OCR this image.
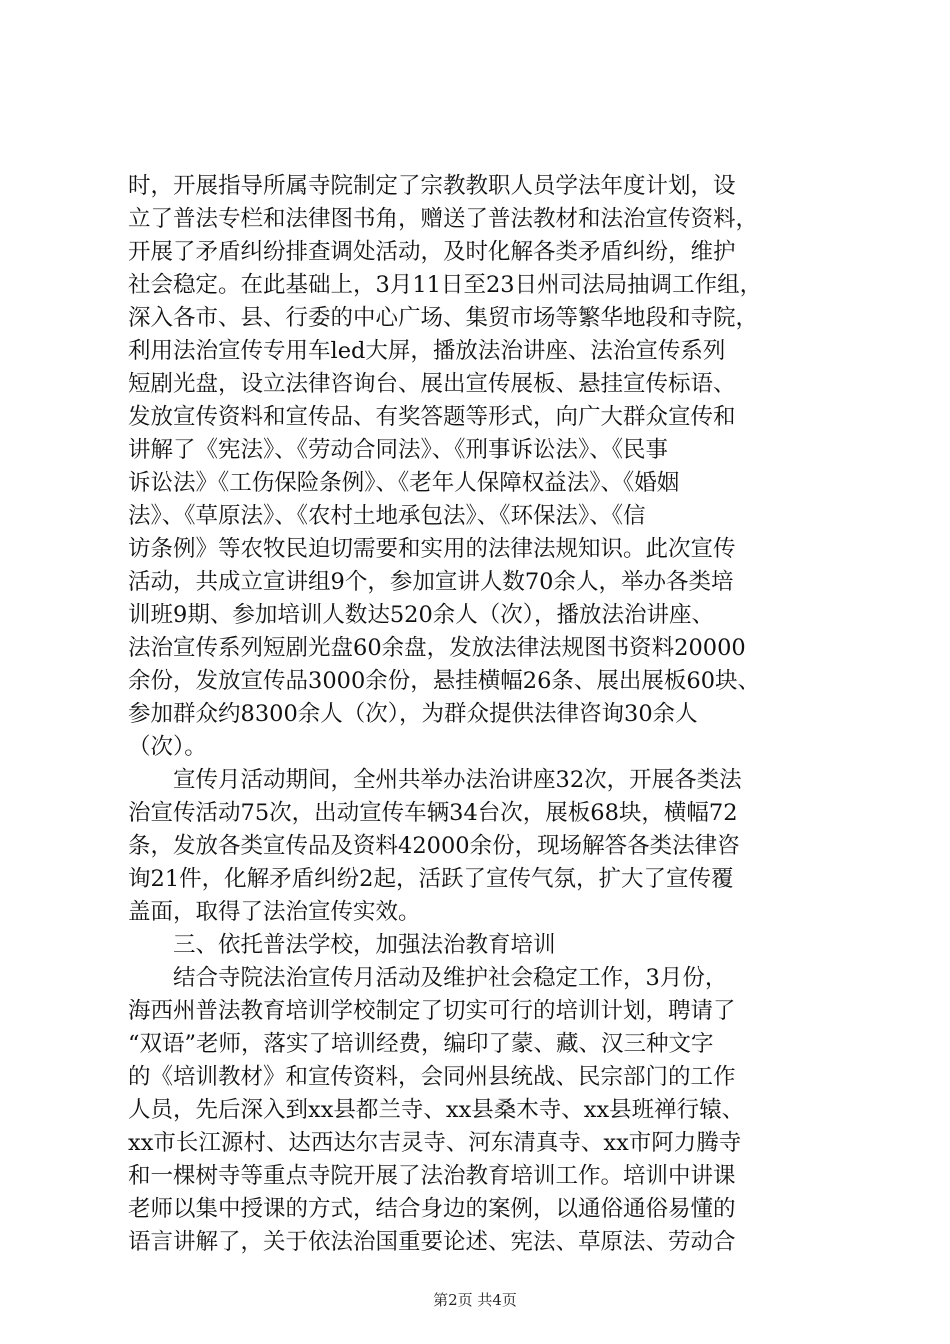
时，开展指导所属寺院制定了宗教教职人员学法年度计划，设
立了普法专栏和法律图书角，赠送了普法教材和法治宣传资料，
开展了矛盾纠纷排查调处活动，及时化解各类矛盾纠纷，维护
社会稳定。在此基础上，3月11日至23日州司法局抽调工作组，
深入各市、县、行委的中心广场、集贸市场等繁华地段和寺院，
利用法治宣传专用车led大屏，播放法治讲座、法治宣传系列
短剧光盘，设立法律咨询台、展出宣传展板、悬挂宣传标语、
发放宣传资料和宣传品、有奖答题等形式，向广大群众宣传和
讲解了《宪法》、《劳动合同法》、《刑事诉讼法》、《民事
诉讼法》《工伤保险条例》、《老年人保障权益法》、《婚姻
法》、《草原法》、《农村土地承包法》、《环保法》、《信
访条例》等农牧民迫切需要和实用的法律法规知识。此次宣传
活动，共成立宣讲组9个，参加宣讲人数70余人，举办各类培
训班9期、参加培训人数达520余人（次），播放法治讲座、
法治宣传系列短剧光盘60余盘，发放法律法规图书资料20000
余份，发放宣传品3000余份，悬挂横幅26条、展出展板60块、
参加群众约8300余人（次），为群众提供法律咨询30余人
（次）。
　　宣传月活动期间，全州共举办法治讲座32次，开展各类法
治宣传活动75次，出动宣传车辆34台次，展板68块，横幅72
条，发放各类宣传品及资料42000余份，现场解答各类法律咨
询21件，化解矛盾纠纷2起，活跃了宣传气氛，扩大了宣传覆
盖面，取得了法治宣传实效。
　　三、依托普法学校，加强法治教育培训
　　结合寺院法治宣传月活动及维护社会稳定工作，3月份，
海西州普法教育培训学校制定了切实可行的培训计划，聘请了
“双语”老师，落实了培训经费，编印了蒙、藏、汉三种文字
的《培训教材》和宣传资料，会同州县统战、民宗部门的工作
人员，先后深入到xx县都兰寺、xx县桑木寺、xx县班禅行辕、
xx市长江源村、达西达尔吉灵寺、河东清真寺、xx市阿力腾寺
和一棵树寺等重点寺院开展了法治教育培训工作。培训中讲课
老师以集中授课的方式，结合身边的案例，以通俗通俗易懂的
语言讲解了，关于依法治国重要论述、宪法、草原法、劳动合
第2页 共4页
